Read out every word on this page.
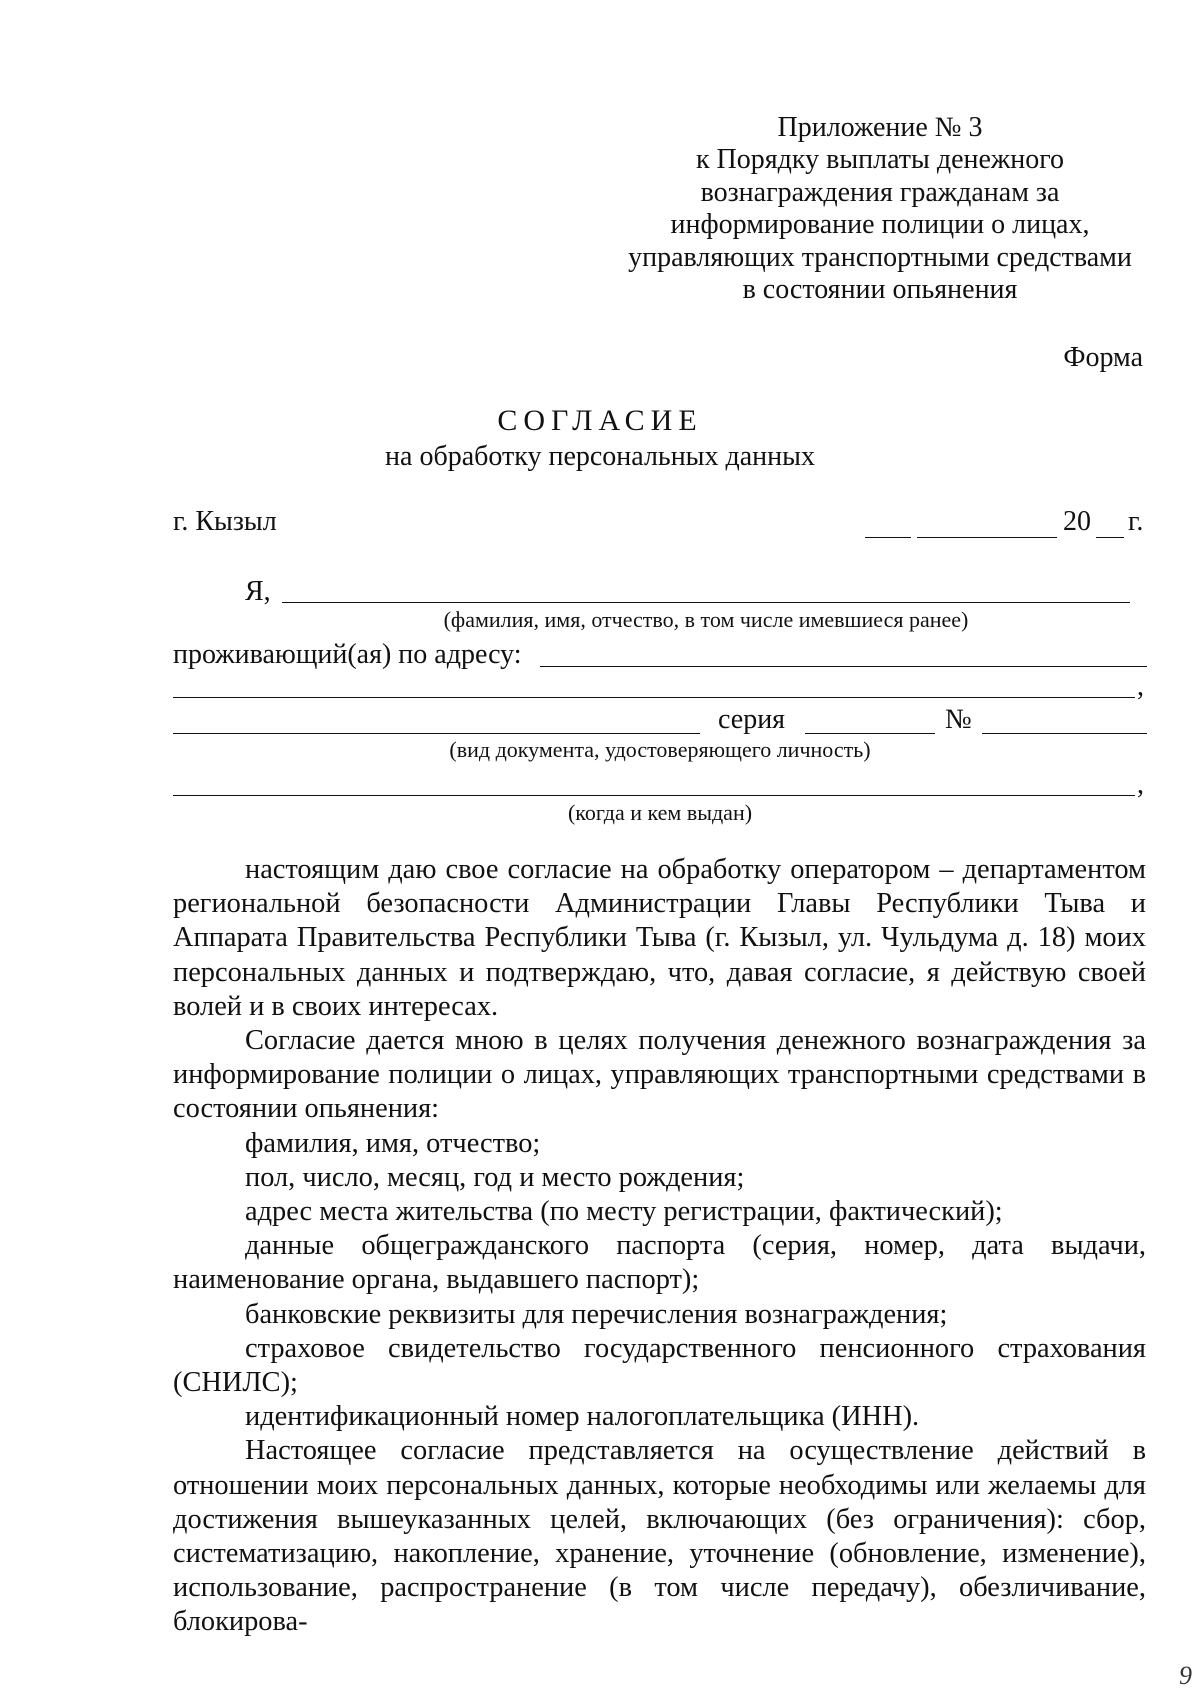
Приложение № 3
к Порядку выплаты денежного
вознаграждения гражданам за
информирование полиции о лицах,
управляющих транспортными средствами
в состоянии опьянения
Форма
СОГЛАСИЕ
на обработку персональных данных
г. Кызыл	20 г.
Я,
(фамилия, имя, отчество, в том числе имевшиеся ранее)
проживающий(ая) по адресу:
,
серия	№
(вид документа, удостоверяющего личность)
,
(когда и кем выдан)

настоящим даю свое согласие на обработку оператором – департаментом региональной безопасности Администрации Главы Республики Тыва и Аппарата Правительства Республики Тыва (г. Кызыл, ул. Чульдума д. 18) моих персональных данных и подтверждаю, что, давая согласие, я действую своей волей и в своих интересах.

Согласие дается мною в целях получения денежного вознаграждения за информирование полиции о лицах, управляющих транспортными средствами в состоянии опьянения:

фамилия, имя, отчество;

пол, число, месяц, год и место рождения;

адрес места жительства (по месту регистрации, фактический);

данные общегражданского паспорта (серия, номер, дата выдачи, наименование органа, выдавшего паспорт);

банковские реквизиты для перечисления вознаграждения;

страховое свидетельство государственного пенсионного страхования (СНИЛС);

идентификационный номер налогоплательщика (ИНН).

Настоящее согласие представляется на осуществление действий в отношении моих персональных данных, которые необходимы или желаемы для достижения вышеуказанных целей, включающих (без ограничения): сбор, систематизацию, накопление, хранение, уточнение (обновление, изменение), использование, распространение (в том числе передачу), обезличивание, блокирова-

9
